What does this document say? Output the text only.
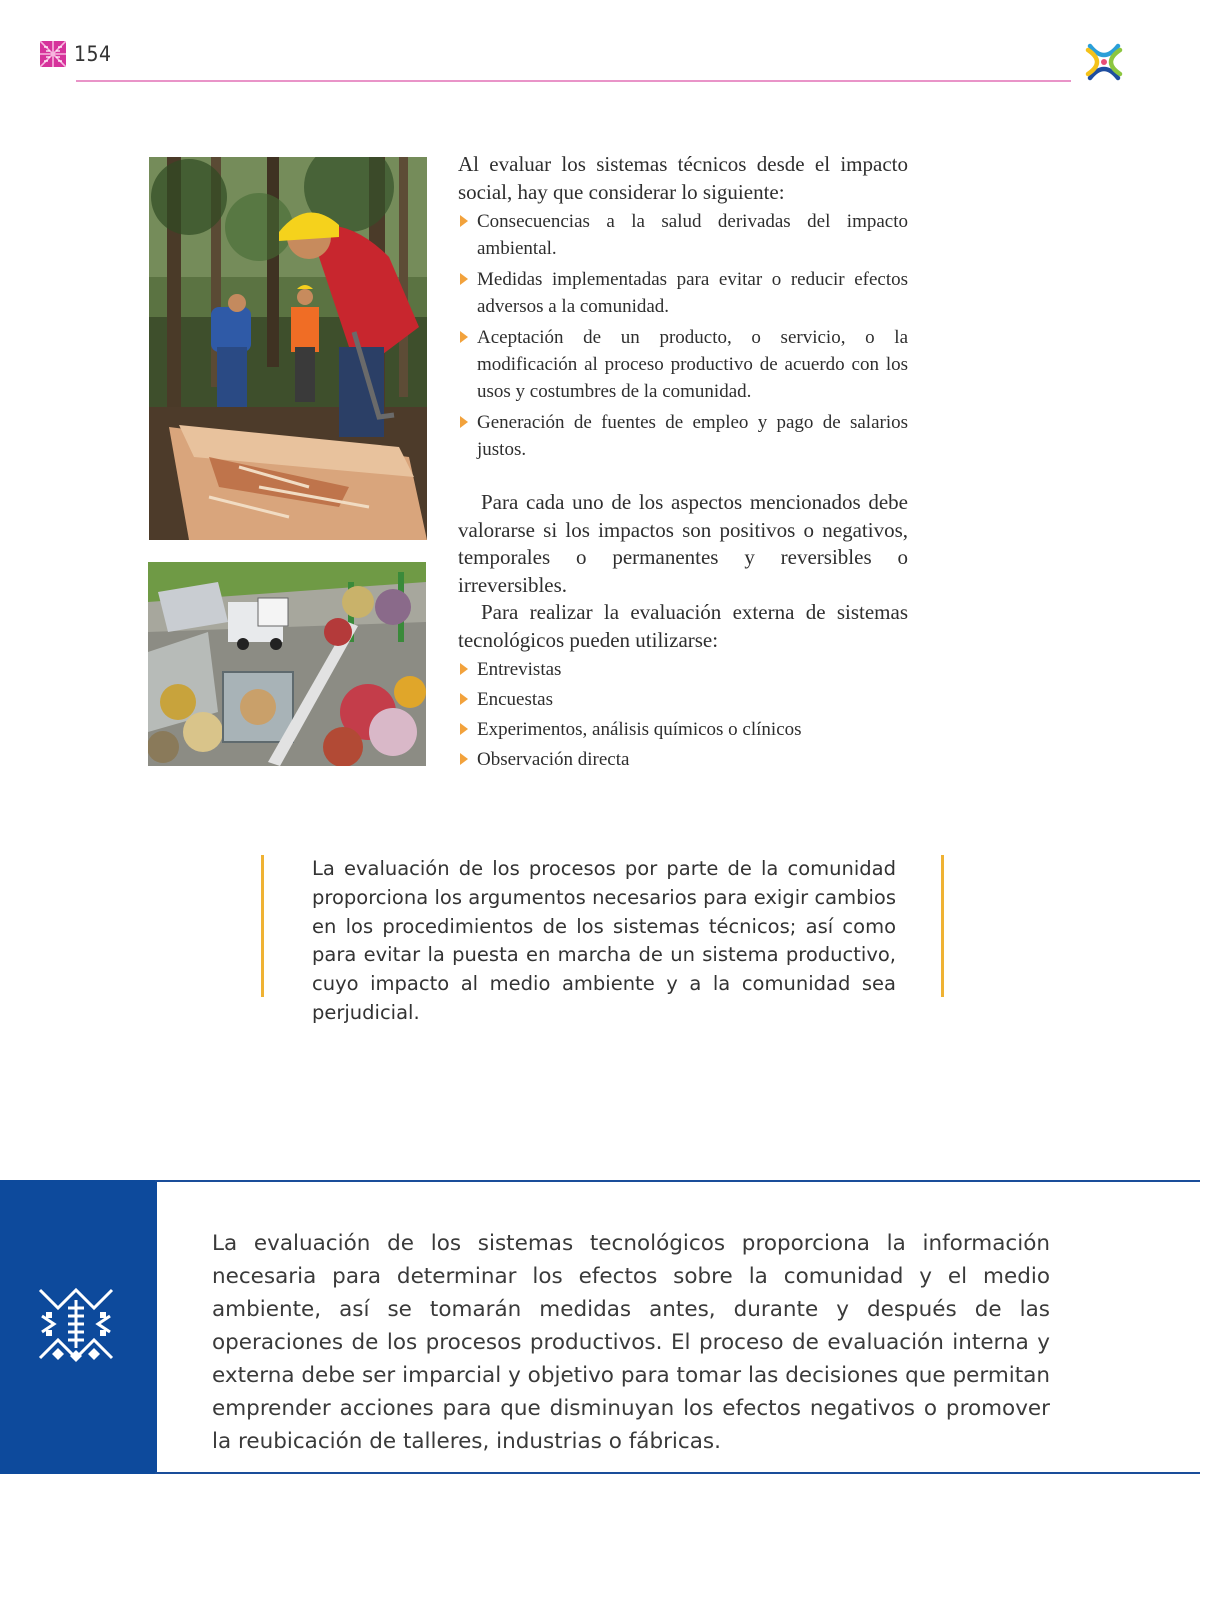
154

Al evaluar los sistemas técnicos desde el impacto social, hay que considerar lo siguiente:

Consecuencias a la salud derivadas del impacto ambiental.
Medidas implementadas para evitar o reducir efectos adversos a la comunidad.
Aceptación de un producto, o servicio, o la modificación al proceso productivo de acuerdo con los usos y costumbres de la comunidad.
Generación de fuentes de empleo y pago de salarios justos.

Para cada uno de los aspectos mencionados debe valorarse si los impactos son positivos o negativos, temporales o permanentes y reversibles o irreversibles.

Para realizar la evaluación externa de sistemas tecnológicos pueden utilizarse:

Entrevistas
Encuestas
Experimentos, análisis químicos o clínicos
Observación directa

La evaluación de los procesos por parte de la comunidad proporciona los argumentos necesarios para exigir cambios en los procedimientos de los sistemas técnicos; así como para evitar la puesta en marcha de un sistema productivo, cuyo impacto al medio ambiente y a la comunidad sea perjudicial.

La evaluación de los sistemas tecnológicos proporciona la información necesaria para determinar los efectos sobre la comunidad y el medio ambiente, así se tomarán medidas antes, durante y después de las operaciones de los procesos productivos. El proceso de evaluación interna y externa debe ser imparcial y objetivo para tomar las decisiones que permitan emprender acciones para que disminuyan los efectos negativos o promover la reubicación de talleres, industrias o fábricas.
